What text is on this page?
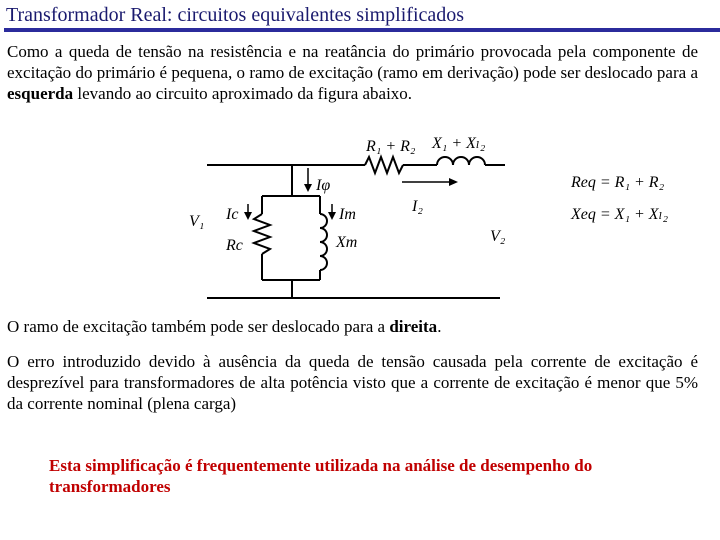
Transformador Real: circuitos equivalentes simplificados
Como a queda de tensão na resistência e na reatância do primário provocada pela componente de excitação do primário é pequena, o ramo de excitação (ramo em derivação) pode ser deslocado para a esquerda levando ao circuito aproximado da figura abaixo.
R₁ + R₂ X₁ + Xₗ₂
Iφ
Ic	Im	I₂
Rc	Xm
V₁
V₂
Req = R₁ + R₂
Xeq = X₁ + Xₗ₂
O ramo de excitação também pode ser deslocado para a direita.
O erro introduzido devido à ausência da queda de tensão causada pela corrente de excitação é desprezível para transformadores de alta potência visto que a corrente de excitação é menor que 5% da corrente nominal (plena carga)
Esta simplificação é frequentemente utilizada na análise de desempenho do transformadores
